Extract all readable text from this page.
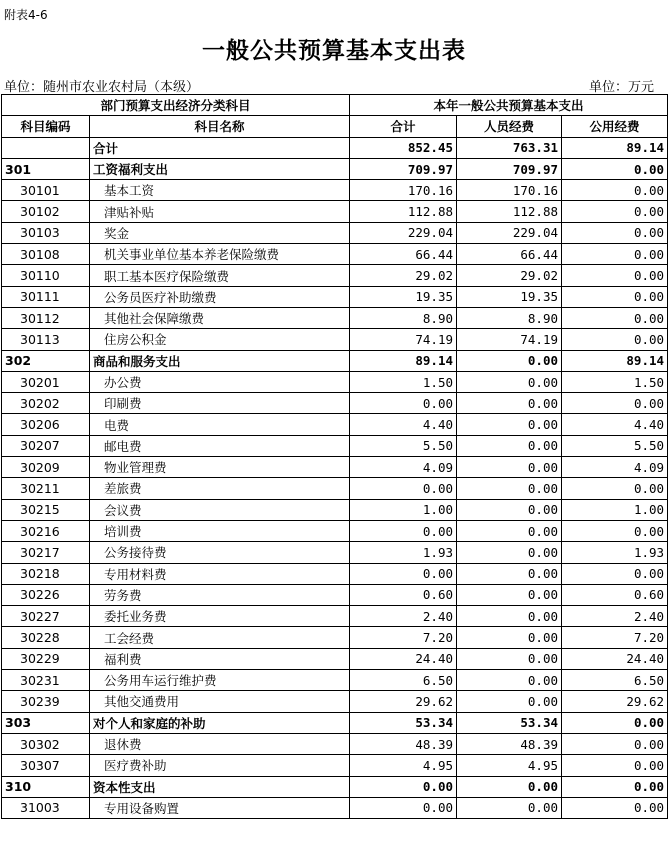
附表4-6
一般公共预算基本支出表
单位：随州市农业农村局（本级）	单位：万元
部门预算支出经济分类科目		本年一般公共预算基本支出		
科目编码	科目名称	合计	人员经费	公用经费
	合计	852.45	763.31	89.14
301	工资福利支出	709.97	709.97	0.00
30101	基本工资	170.16	170.16	0.00
30102	津贴补贴	112.88	112.88	0.00
30103	奖金	229.04	229.04	0.00
30108	机关事业单位基本养老保险缴费	66.44	66.44	0.00
30110	职工基本医疗保险缴费	29.02	29.02	0.00
30111	公务员医疗补助缴费	19.35	19.35	0.00
30112	其他社会保障缴费	8.90	8.90	0.00
30113	住房公积金	74.19	74.19	0.00
302	商品和服务支出	89.14	0.00	89.14
30201	办公费	1.50	0.00	1.50
30202	印刷费	0.00	0.00	0.00
30206	电费	4.40	0.00	4.40
30207	邮电费	5.50	0.00	5.50
30209	物业管理费	4.09	0.00	4.09
30211	差旅费	0.00	0.00	0.00
30215	会议费	1.00	0.00	1.00
30216	培训费	0.00	0.00	0.00
30217	公务接待费	1.93	0.00	1.93
30218	专用材料费	0.00	0.00	0.00
30226	劳务费	0.60	0.00	0.60
30227	委托业务费	2.40	0.00	2.40
30228	工会经费	7.20	0.00	7.20
30229	福利费	24.40	0.00	24.40
30231	公务用车运行维护费	6.50	0.00	6.50
30239	其他交通费用	29.62	0.00	29.62
303	对个人和家庭的补助	53.34	53.34	0.00
30302	退休费	48.39	48.39	0.00
30307	医疗费补助	4.95	4.95	0.00
310	资本性支出	0.00	0.00	0.00
31003	专用设备购置	0.00	0.00	0.00
